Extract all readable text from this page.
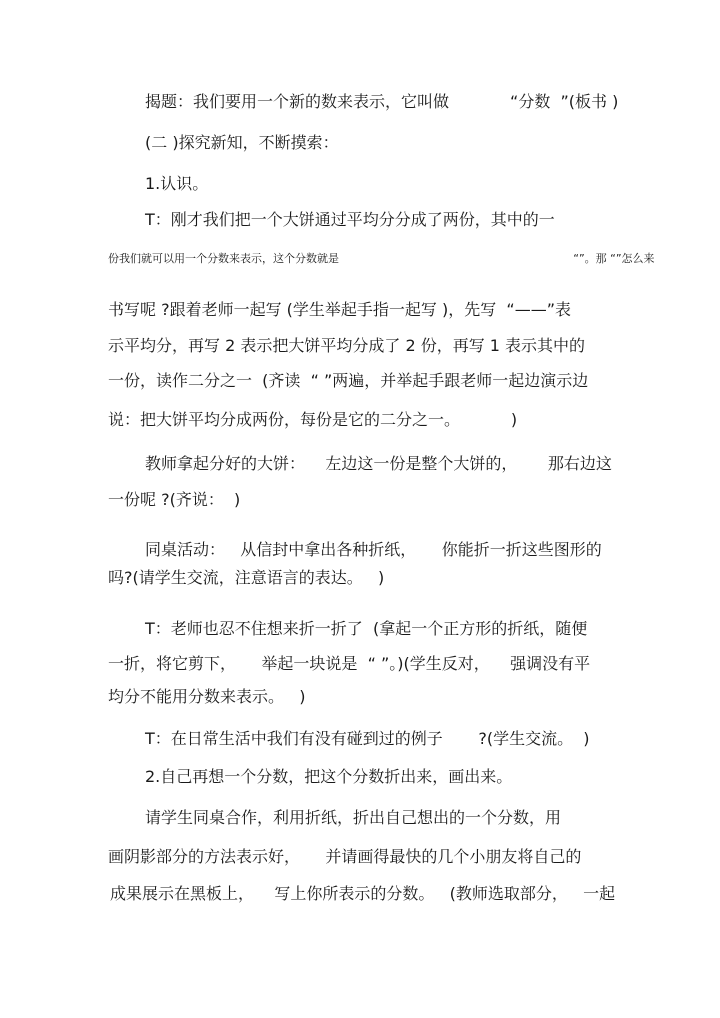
揭题：我们要用一个新的数来表示，它叫做            “分数  ”(板书 )
(二 )探究新知，不断摸索：
1.认识。
T：刚才我们把一个大饼通过平均分分成了两份，其中的一
份我们就可以用一个分数来表示，这个分数就是                                                                   “”。那 “”怎么来
书写呢 ?跟着老师一起写 (学生举起手指一起写 )，先写  “——”表
示平均分，再写 2 表示把大饼平均分成了 2 份，再写 1 表示其中的
一份，读作二分之一  (齐读  “ ”两遍，并举起手跟老师一起边演示边
说：把大饼平均分成两份，每份是它的二分之一。          )
教师拿起分好的大饼：    左边这一份是整个大饼的，      那右边这
一份呢 ?(齐说：  )
同桌活动：   从信封中拿出各种折纸，     你能折一折这些图形的
吗?(请学生交流，注意语言的表达。   )
T：老师也忍不住想来折一折了  (拿起一个正方形的折纸，随便
一折，将它剪下，     举起一块说是  “ ”。)(学生反对，    强调没有平
均分不能用分数来表示。   )
T：在日常生活中我们有没有碰到过的例子       ?(学生交流。  )
2.自己再想一个分数，把这个分数折出来，画出来。
请学生同桌合作，利用折纸，折出自己想出的一个分数，用
画阴影部分的方法表示好，     并请画得最快的几个小朋友将自己的
成果展示在黑板上，    写上你所表示的分数。   (教师选取部分，   一起
